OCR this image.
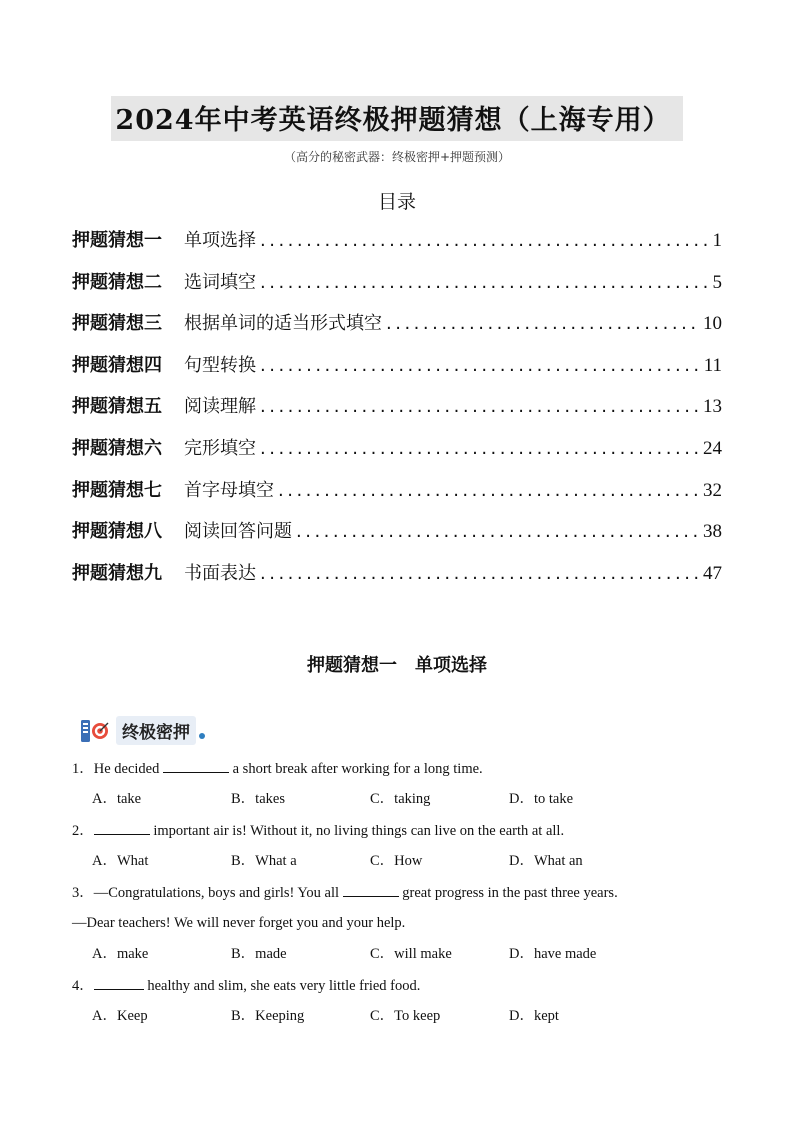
2024年中考英语终极押题猜想（上海专用）
（高分的秘密武器：终极密押+押题预测）
目录
押题猜想一 单项选择 .....	1
押题猜想二 选词填空 .....	5
押题猜想三 根据单词的适当形式填空 .....	10
押题猜想四 句型转换 .....	11
押题猜想五 阅读理解 .....	13
押题猜想六 完形填空 .....	24
押题猜想七 首字母填空 .....	32
押题猜想八 阅读回答问题 .....	38
押题猜想九 书面表达 .....	47
押题猜想一 单项选择
终极密押
1．He decided	a short break after working for a long time.
A．take	B．takes	C．taking	D．to take
2．	important air is! Without it, no living things can live on the earth at all.
A．What	B．What a	C．How	D．What an
3．—Congratulations, boys and girls! You all	great progress in the past three years.
—Dear teachers! We will never forget you and your help.
A．make	B．made	C．will make	D．have made
4．	healthy and slim, she eats very little fried food.
A．Keep	B．Keeping	C．To keep	D．kept
